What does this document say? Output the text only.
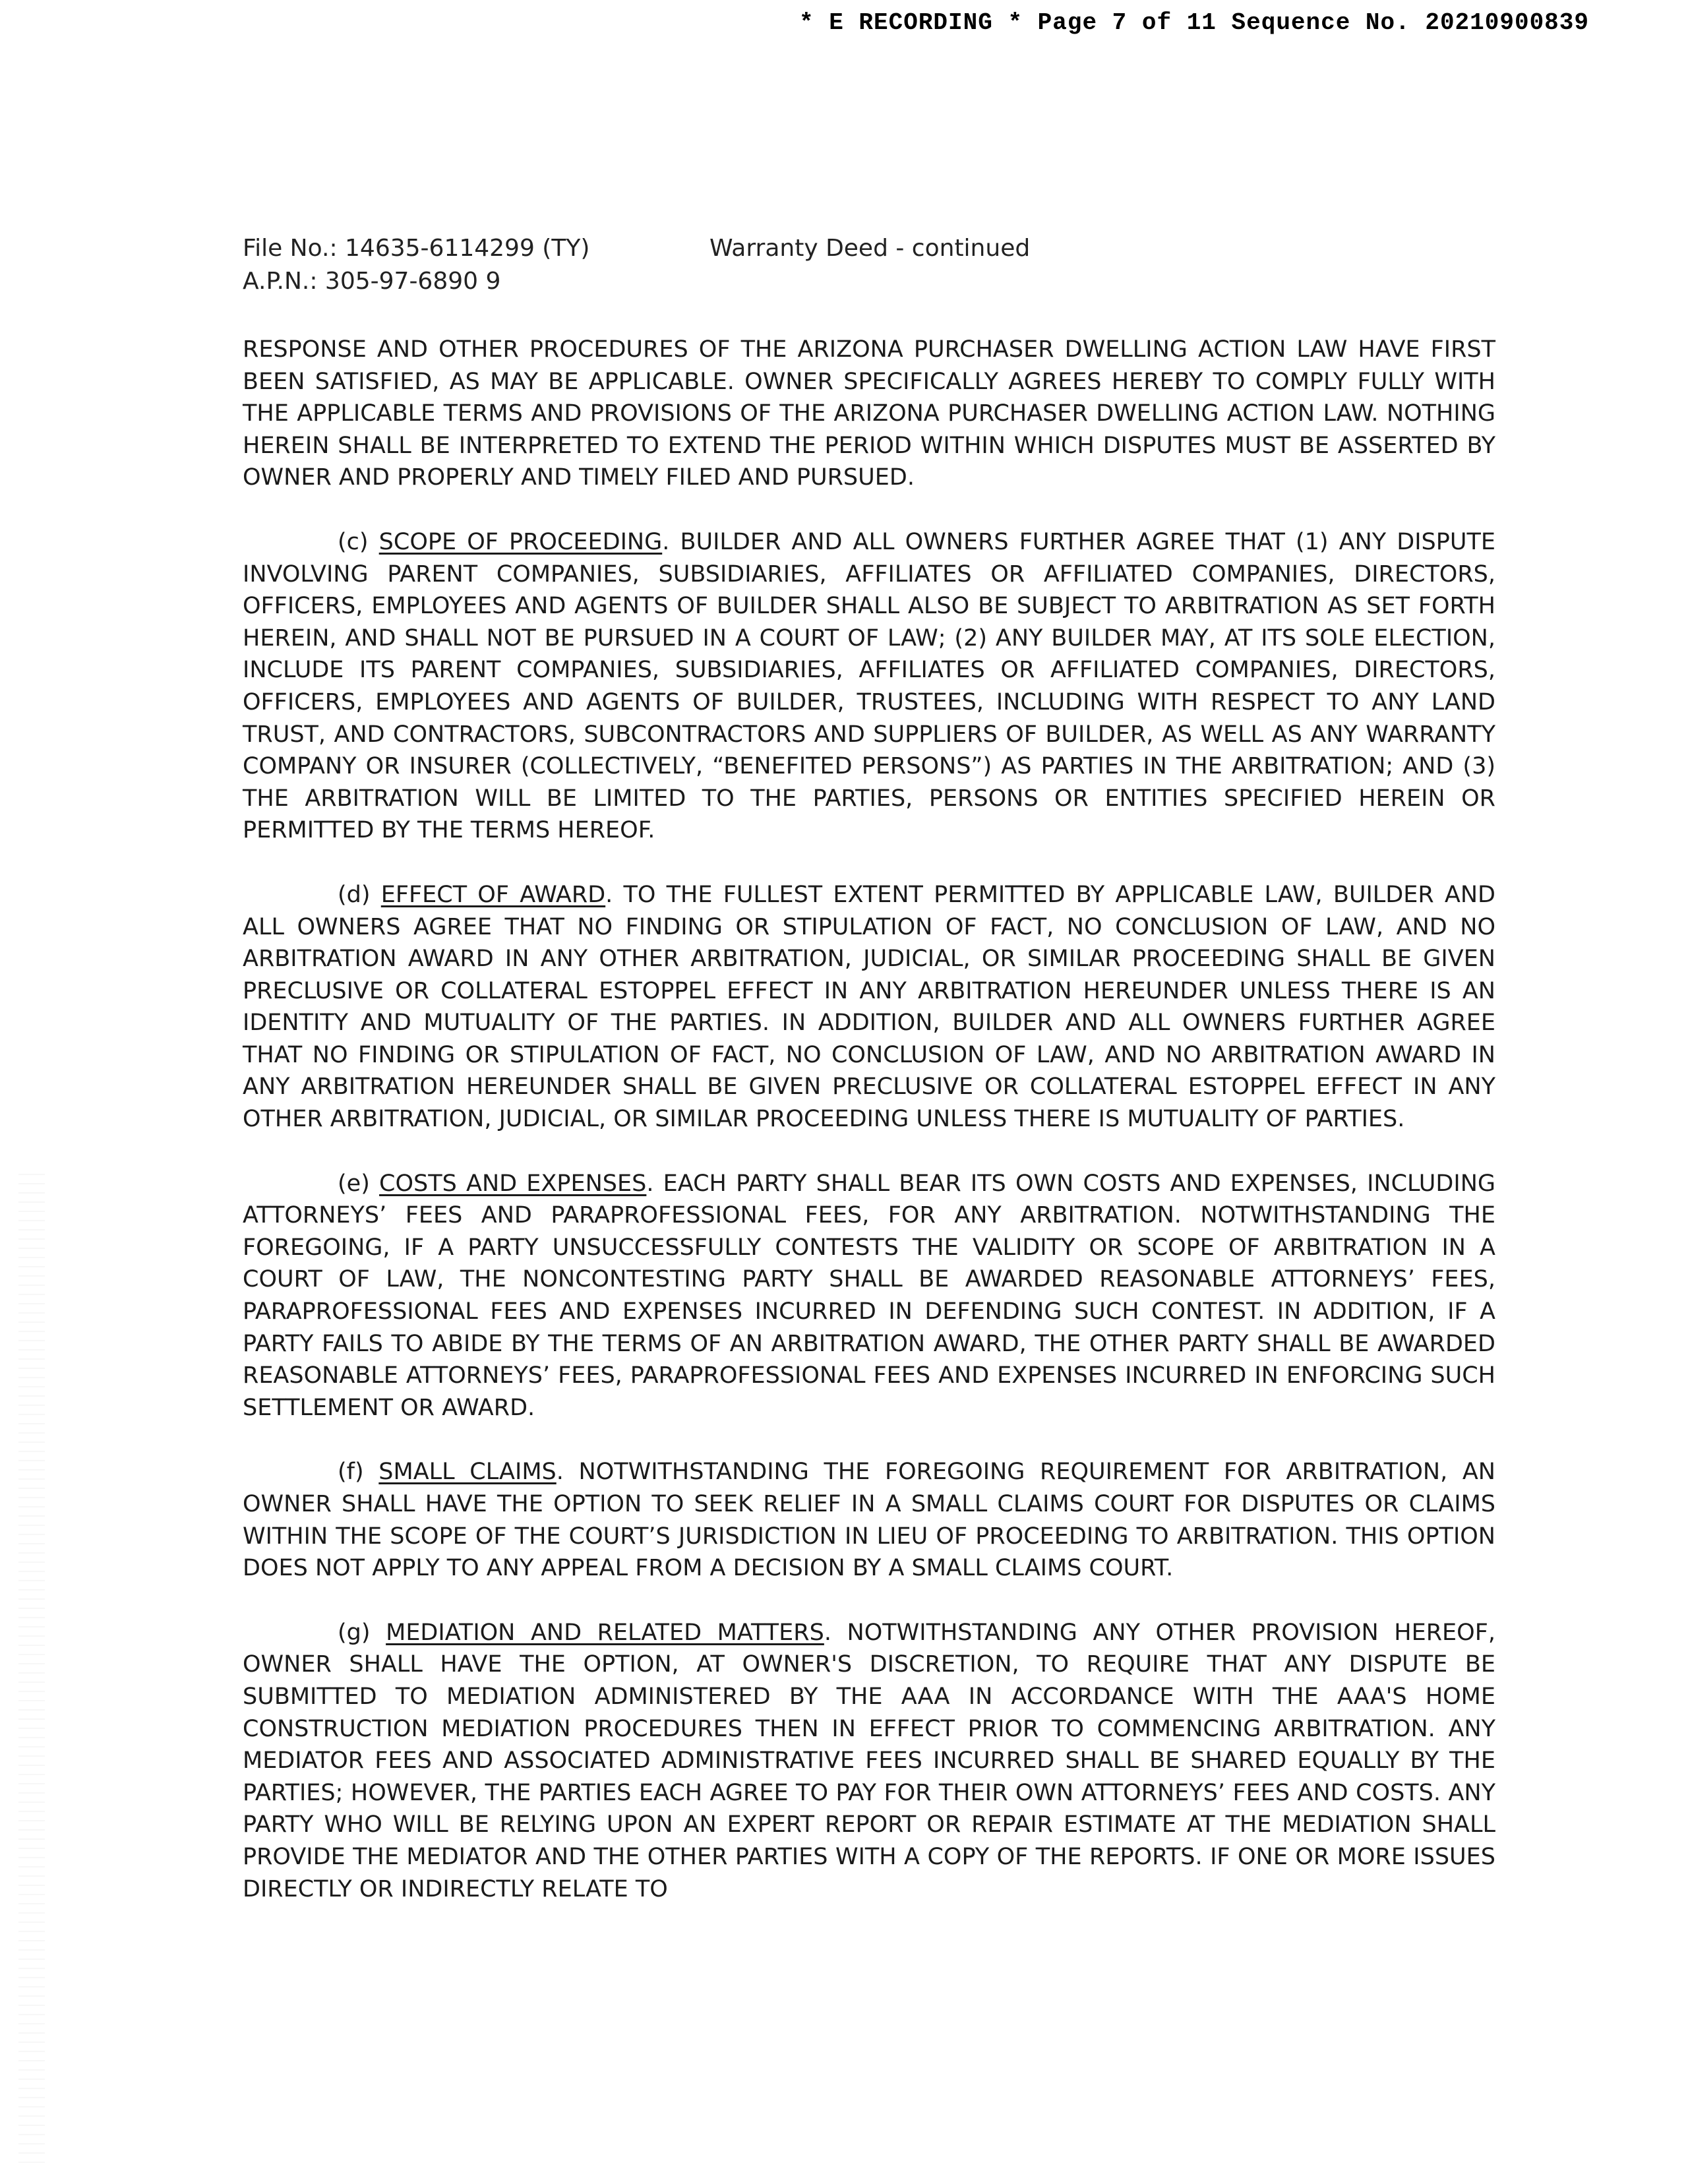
* E RECORDING * Page 7 of 11 Sequence No. 20210900839
File No.: 14635-6114299 (TY)	Warranty Deed - continued
A.P.N.: 305-97-6890 9

RESPONSE AND OTHER PROCEDURES OF THE ARIZONA PURCHASER DWELLING ACTION LAW HAVE FIRST BEEN SATISFIED, AS MAY BE APPLICABLE. OWNER SPECIFICALLY AGREES HEREBY TO COMPLY FULLY WITH THE APPLICABLE TERMS AND PROVISIONS OF THE ARIZONA PURCHASER DWELLING ACTION LAW. NOTHING HEREIN SHALL BE INTERPRETED TO EXTEND THE PERIOD WITHIN WHICH DISPUTES MUST BE ASSERTED BY OWNER AND PROPERLY AND TIMELY FILED AND PURSUED.

(c) SCOPE OF PROCEEDING. BUILDER AND ALL OWNERS FURTHER AGREE THAT (1) ANY DISPUTE INVOLVING PARENT COMPANIES, SUBSIDIARIES, AFFILIATES OR AFFILIATED COMPANIES, DIRECTORS, OFFICERS, EMPLOYEES AND AGENTS OF BUILDER SHALL ALSO BE SUBJECT TO ARBITRATION AS SET FORTH HEREIN, AND SHALL NOT BE PURSUED IN A COURT OF LAW; (2) ANY BUILDER MAY, AT ITS SOLE ELECTION, INCLUDE ITS PARENT COMPANIES, SUBSIDIARIES, AFFILIATES OR AFFILIATED COMPANIES, DIRECTORS, OFFICERS, EMPLOYEES AND AGENTS OF BUILDER, TRUSTEES, INCLUDING WITH RESPECT TO ANY LAND TRUST, AND CONTRACTORS, SUBCONTRACTORS AND SUPPLIERS OF BUILDER, AS WELL AS ANY WARRANTY COMPANY OR INSURER (COLLECTIVELY, “BENEFITED PERSONS”) AS PARTIES IN THE ARBITRATION; AND (3) THE ARBITRATION WILL BE LIMITED TO THE PARTIES, PERSONS OR ENTITIES SPECIFIED HEREIN OR PERMITTED BY THE TERMS HEREOF.

(d) EFFECT OF AWARD. TO THE FULLEST EXTENT PERMITTED BY APPLICABLE LAW, BUILDER AND ALL OWNERS AGREE THAT NO FINDING OR STIPULATION OF FACT, NO CONCLUSION OF LAW, AND NO ARBITRATION AWARD IN ANY OTHER ARBITRATION, JUDICIAL, OR SIMILAR PROCEEDING SHALL BE GIVEN PRECLUSIVE OR COLLATERAL ESTOPPEL EFFECT IN ANY ARBITRATION HEREUNDER UNLESS THERE IS AN IDENTITY AND MUTUALITY OF THE PARTIES. IN ADDITION, BUILDER AND ALL OWNERS FURTHER AGREE THAT NO FINDING OR STIPULATION OF FACT, NO CONCLUSION OF LAW, AND NO ARBITRATION AWARD IN ANY ARBITRATION HEREUNDER SHALL BE GIVEN PRECLUSIVE OR COLLATERAL ESTOPPEL EFFECT IN ANY OTHER ARBITRATION, JUDICIAL, OR SIMILAR PROCEEDING UNLESS THERE IS MUTUALITY OF PARTIES.

(e) COSTS AND EXPENSES. EACH PARTY SHALL BEAR ITS OWN COSTS AND EXPENSES, INCLUDING ATTORNEYS’ FEES AND PARAPROFESSIONAL FEES, FOR ANY ARBITRATION. NOTWITHSTANDING THE FOREGOING, IF A PARTY UNSUCCESSFULLY CONTESTS THE VALIDITY OR SCOPE OF ARBITRATION IN A COURT OF LAW, THE NONCONTESTING PARTY SHALL BE AWARDED REASONABLE ATTORNEYS’ FEES, PARAPROFESSIONAL FEES AND EXPENSES INCURRED IN DEFENDING SUCH CONTEST. IN ADDITION, IF A PARTY FAILS TO ABIDE BY THE TERMS OF AN ARBITRATION AWARD, THE OTHER PARTY SHALL BE AWARDED REASONABLE ATTORNEYS’ FEES, PARAPROFESSIONAL FEES AND EXPENSES INCURRED IN ENFORCING SUCH SETTLEMENT OR AWARD.

(f) SMALL CLAIMS. NOTWITHSTANDING THE FOREGOING REQUIREMENT FOR ARBITRATION, AN OWNER SHALL HAVE THE OPTION TO SEEK RELIEF IN A SMALL CLAIMS COURT FOR DISPUTES OR CLAIMS WITHIN THE SCOPE OF THE COURT’S JURISDICTION IN LIEU OF PROCEEDING TO ARBITRATION. THIS OPTION DOES NOT APPLY TO ANY APPEAL FROM A DECISION BY A SMALL CLAIMS COURT.

(g) MEDIATION AND RELATED MATTERS. NOTWITHSTANDING ANY OTHER PROVISION HEREOF, OWNER SHALL HAVE THE OPTION, AT OWNER'S DISCRETION, TO REQUIRE THAT ANY DISPUTE BE SUBMITTED TO MEDIATION ADMINISTERED BY THE AAA IN ACCORDANCE WITH THE AAA'S HOME CONSTRUCTION MEDIATION PROCEDURES THEN IN EFFECT PRIOR TO COMMENCING ARBITRATION. ANY MEDIATOR FEES AND ASSOCIATED ADMINISTRATIVE FEES INCURRED SHALL BE SHARED EQUALLY BY THE PARTIES; HOWEVER, THE PARTIES EACH AGREE TO PAY FOR THEIR OWN ATTORNEYS’ FEES AND COSTS. ANY PARTY WHO WILL BE RELYING UPON AN EXPERT REPORT OR REPAIR ESTIMATE AT THE MEDIATION SHALL PROVIDE THE MEDIATOR AND THE OTHER PARTIES WITH A COPY OF THE REPORTS. IF ONE OR MORE ISSUES DIRECTLY OR INDIRECTLY RELATE TO
